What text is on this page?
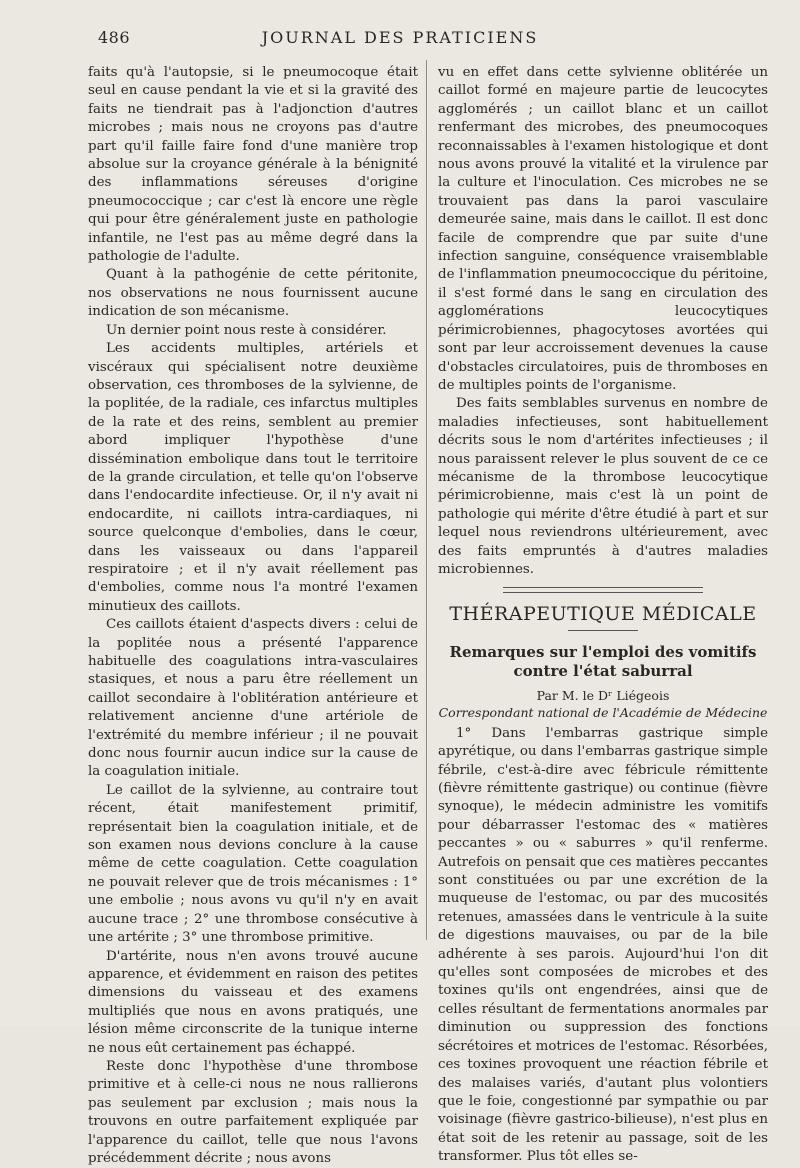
486	JOURNAL DES PRATICIENS

faits qu'à l'autopsie, si le pneumocoque était seul en cause pendant la vie et si la gravité des faits ne tiendrait pas à l'adjonction d'autres microbes ; mais nous ne croyons pas d'autre part qu'il faille faire fond d'une manière trop absolue sur la croyance générale à la bénignité des inflammations séreuses d'origine pneumococcique ; car c'est là encore une règle qui pour être généralement juste en pathologie infantile, ne l'est pas au même degré dans la pathologie de l'adulte.

Quant à la pathogénie de cette péritonite, nos observations ne nous fournissent aucune indication de son mécanisme.

Un dernier point nous reste à considérer.

Les accidents multiples, artériels et viscéraux qui spécialisent notre deuxième observation, ces thromboses de la sylvienne, de la poplitée, de la radiale, ces infarctus multiples de la rate et des reins, semblent au premier abord impliquer l'hypothèse d'une dissémination embolique dans tout le territoire de la grande circulation, et telle qu'on l'observe dans l'endocardite infectieuse. Or, il n'y avait ni endocardite, ni caillots intra-cardiaques, ni source quelconque d'embolies, dans le cœur, dans les vaisseaux ou dans l'appareil respiratoire ; et il n'y avait réellement pas d'embolies, comme nous l'a montré l'examen minutieux des caillots.

Ces caillots étaient d'aspects divers : celui de la poplitée nous a présenté l'apparence habituelle des coagulations intra-vasculaires stasiques, et nous a paru être réellement un caillot secondaire à l'oblitération antérieure et relativement ancienne d'une artériole de l'extrémité du membre inférieur ; il ne pouvait donc nous fournir aucun indice sur la cause de la coagulation initiale.

Le caillot de la sylvienne, au contraire tout récent, était manifestement primitif, représentait bien la coagulation initiale, et de son examen nous devions conclure à la cause même de cette coagulation. Cette coagulation ne pouvait relever que de trois mécanismes : 1° une embolie ; nous avons vu qu'il n'y en avait aucune trace ; 2° une thrombose consécutive à une artérite ; 3° une thrombose primitive.

D'artérite, nous n'en avons trouvé aucune apparence, et évidemment en raison des petites dimensions du vaisseau et des examens multipliés que nous en avons pratiqués, une lésion même circonscrite de la tunique interne ne nous eût certainement pas échappé.

Reste donc l'hypothèse d'une thrombose primitive et à celle-ci nous ne nous rallierons pas seulement par exclusion ; mais nous la trouvons en outre parfaitement expliquée par l'apparence du caillot, telle que nous l'avons précédemment décrite ; nous avons

vu en effet dans cette sylvienne oblitérée un caillot formé en majeure partie de leucocytes agglomérés ; un caillot blanc et un caillot renfermant des microbes, des pneumocoques reconnaissables à l'examen histologique et dont nous avons prouvé la vitalité et la virulence par la culture et l'inoculation. Ces microbes ne se trouvaient pas dans la paroi vasculaire demeurée saine, mais dans le caillot. Il est donc facile de comprendre que par suite d'une infection sanguine, conséquence vraisemblable de l'inflammation pneumococcique du péritoine, il s'est formé dans le sang en circulation des agglomérations leucocytiques périmicrobiennes, phagocytoses avortées qui sont par leur accroissement devenues la cause d'obstacles circulatoires, puis de thromboses en de multiples points de l'organisme.

Des faits semblables survenus en nombre de maladies infectieuses, sont habituellement décrits sous le nom d'artérites infectieuses ; il nous paraissent relever le plus souvent de ce ce mécanisme de la thrombose leucocytique périmicrobienne, mais c'est là un point de pathologie qui mérite d'être étudié à part et sur lequel nous reviendrons ultérieurement, avec des faits empruntés à d'autres maladies microbiennes.

THÉRAPEUTIQUE MÉDICALE
Remarques sur l'emploi des vomitifs contre l'état saburral
Par M. le Dʳ Liégeois
Correspondant national de l'Académie de Médecine

1° Dans l'embarras gastrique simple apyrétique, ou dans l'embarras gastrique simple fébrile, c'est-à-dire avec fébricule rémittente (fièvre rémittente gastrique) ou continue (fièvre synoque), le médecin administre les vomitifs pour débarrasser l'estomac des « matières peccantes » ou « saburres » qu'il renferme. Autrefois on pensait que ces matières peccantes sont constituées ou par une excrétion de la muqueuse de l'estomac, ou par des mucosités retenues, amassées dans le ventricule à la suite de digestions mauvaises, ou par de la bile adhérente à ses parois. Aujourd'hui l'on dit qu'elles sont composées de microbes et des toxines qu'ils ont engendrées, ainsi que de celles résultant de fermentations anormales par diminution ou suppression des fonctions sécrétoires et motrices de l'estomac. Résorbées, ces toxines provoquent une réaction fébrile et des malaises variés, d'autant plus volontiers que le foie, congestionné par sympathie ou par voisinage (fièvre gastrico-bilieuse), n'est plus en état soit de les retenir au passage, soit de les transformer. Plus tôt elles se-
